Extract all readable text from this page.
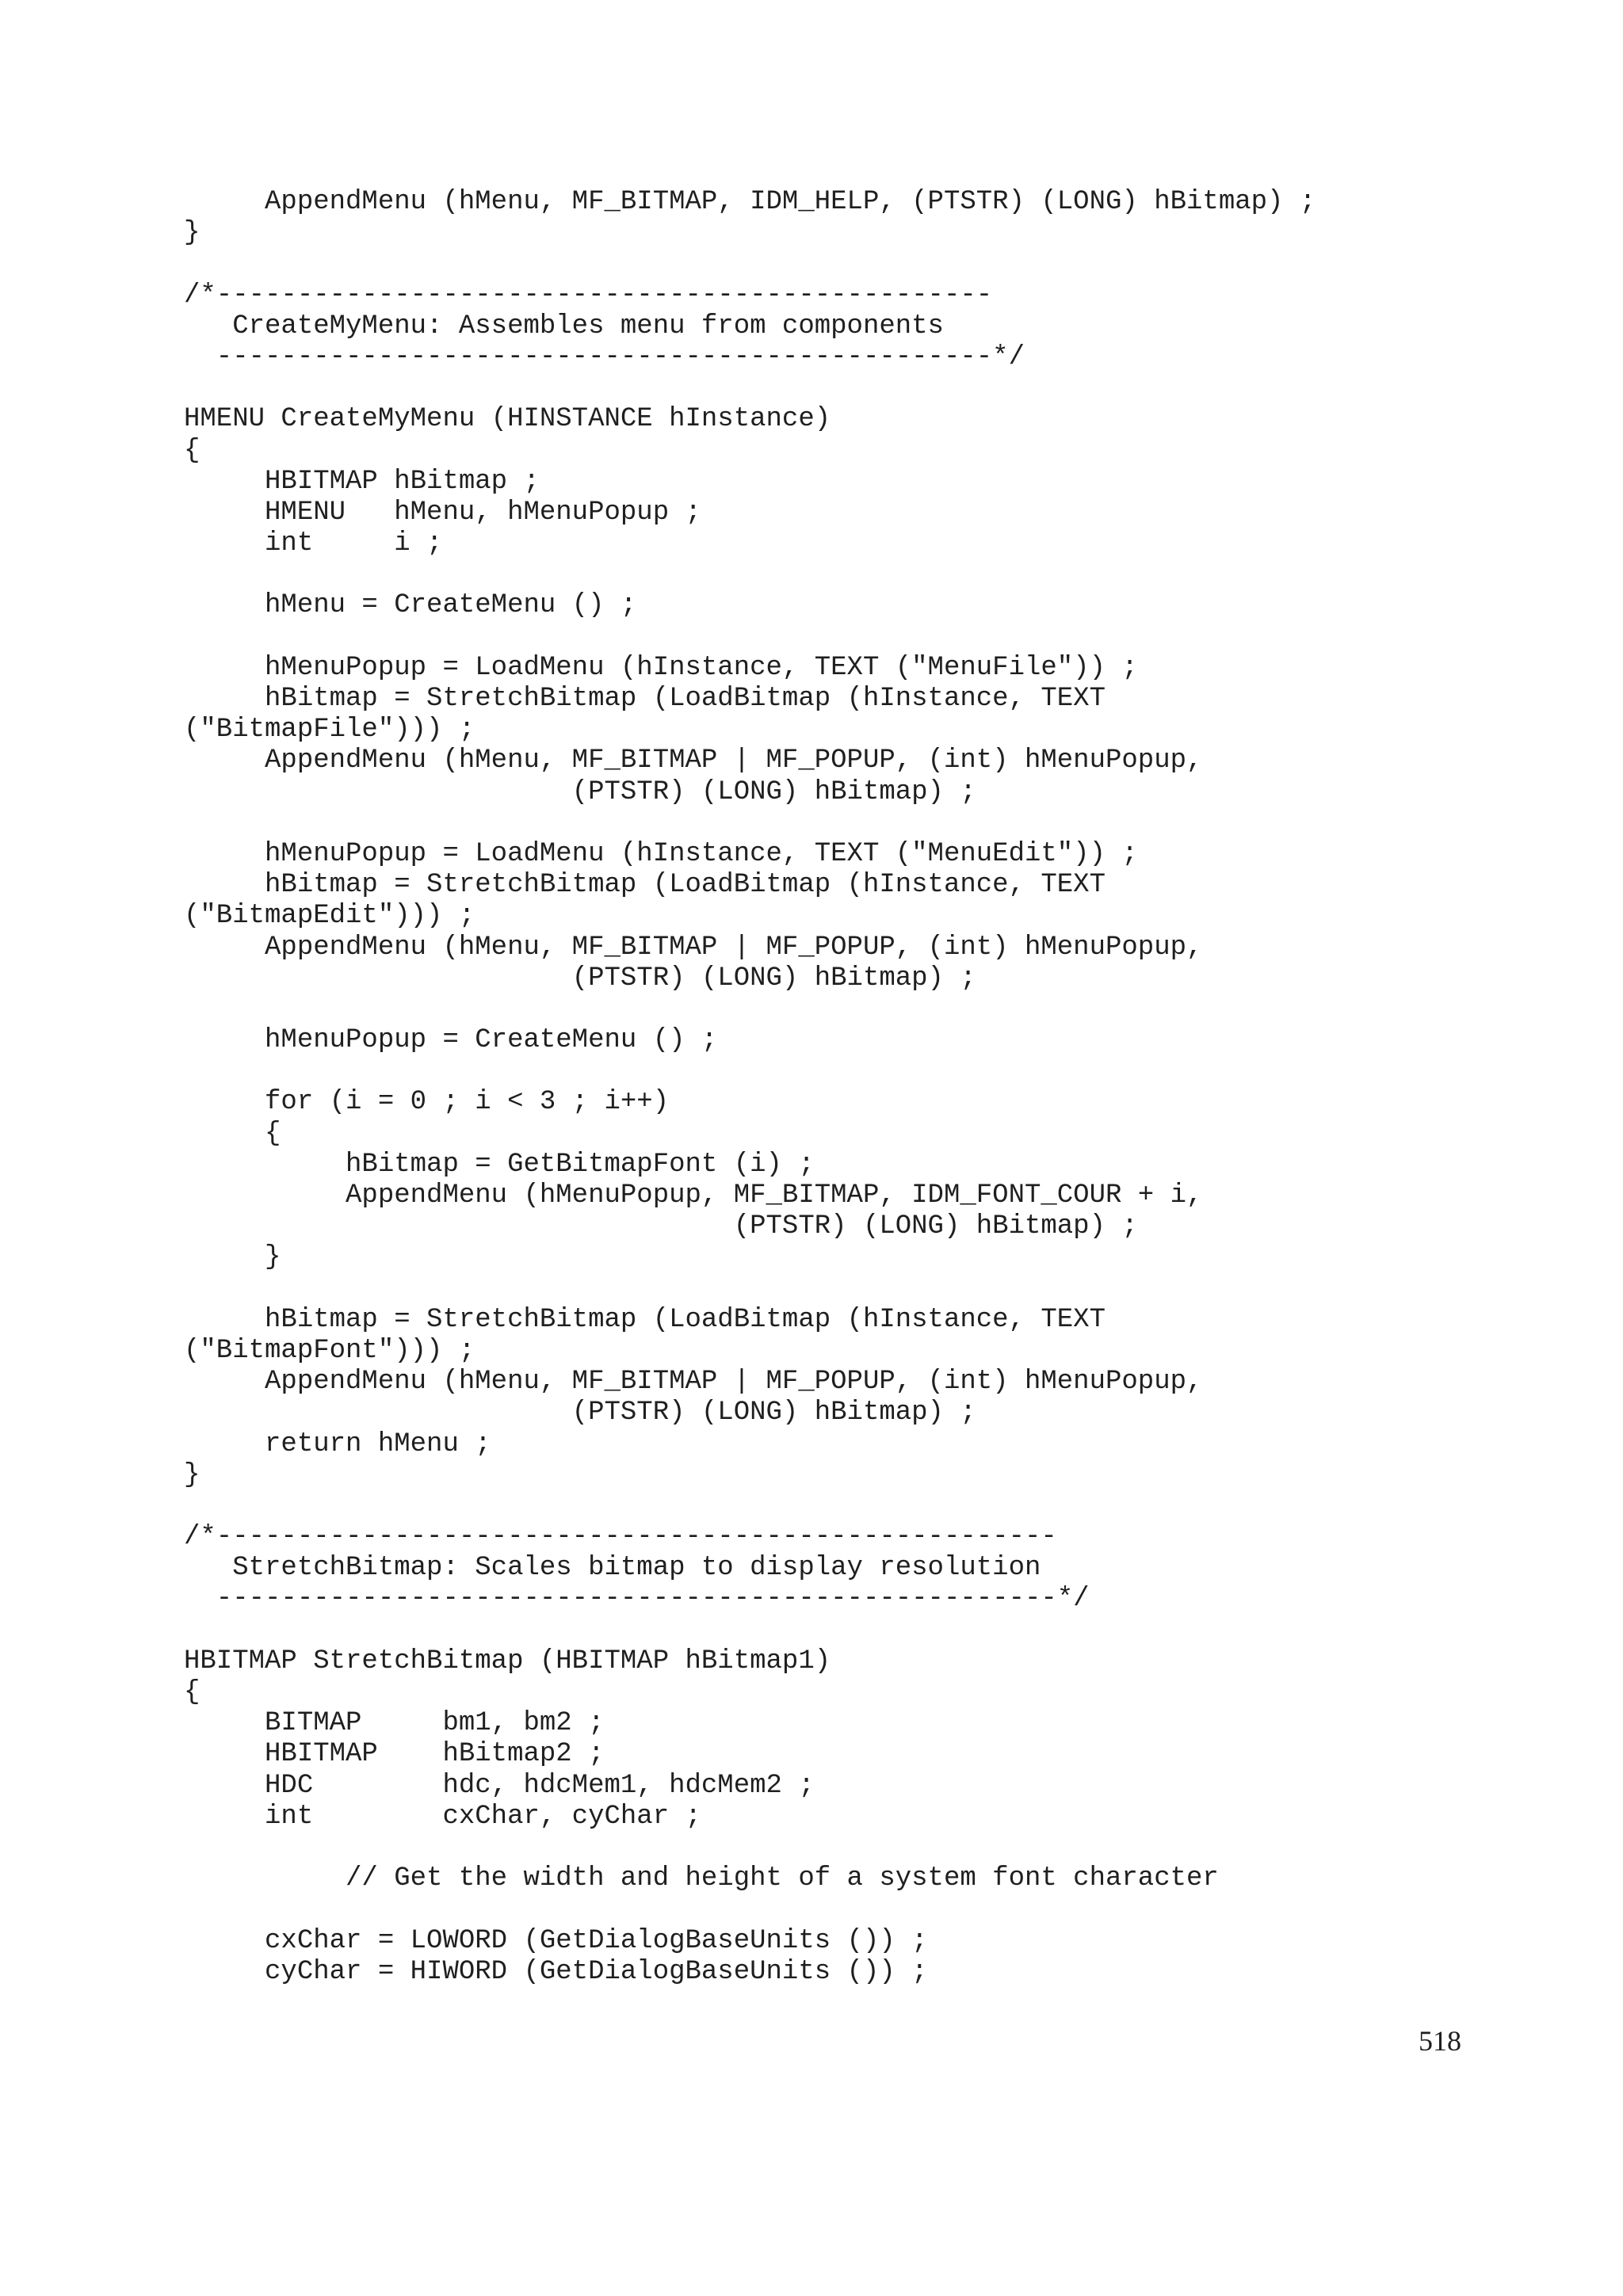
AppendMenu (hMenu, MF_BITMAP, IDM_HELP, (PTSTR) (LONG) hBitmap) ;
}
/*------------------------------------------------
CreateMyMenu: Assembles menu from components
------------------------------------------------*/
HMENU CreateMyMenu (HINSTANCE hInstance)
{
HBITMAP hBitmap ;
HMENU   hMenu, hMenuPopup ;
int     i ;
hMenu = CreateMenu () ;
hMenuPopup = LoadMenu (hInstance, TEXT ("MenuFile")) ;
hBitmap = StretchBitmap (LoadBitmap (hInstance, TEXT
("BitmapFile"))) ;
AppendMenu (hMenu, MF_BITMAP | MF_POPUP, (int) hMenuPopup,
(PTSTR) (LONG) hBitmap) ;
hMenuPopup = LoadMenu (hInstance, TEXT ("MenuEdit")) ;
hBitmap = StretchBitmap (LoadBitmap (hInstance, TEXT
("BitmapEdit"))) ;
AppendMenu (hMenu, MF_BITMAP | MF_POPUP, (int) hMenuPopup,
(PTSTR) (LONG) hBitmap) ;
hMenuPopup = CreateMenu () ;
for (i = 0 ; i < 3 ; i++)
{
hBitmap = GetBitmapFont (i) ;
AppendMenu (hMenuPopup, MF_BITMAP, IDM_FONT_COUR + i,
(PTSTR) (LONG) hBitmap) ;
}
hBitmap = StretchBitmap (LoadBitmap (hInstance, TEXT
("BitmapFont"))) ;
AppendMenu (hMenu, MF_BITMAP | MF_POPUP, (int) hMenuPopup,
(PTSTR) (LONG) hBitmap) ;
return hMenu ;
}
/*----------------------------------------------------
StretchBitmap: Scales bitmap to display resolution
----------------------------------------------------*/
HBITMAP StretchBitmap (HBITMAP hBitmap1)
{
BITMAP     bm1, bm2 ;
HBITMAP    hBitmap2 ;
HDC        hdc, hdcMem1, hdcMem2 ;
int        cxChar, cyChar ;
// Get the width and height of a system font character
cxChar = LOWORD (GetDialogBaseUnits ()) ;
cyChar = HIWORD (GetDialogBaseUnits ()) ;
518
